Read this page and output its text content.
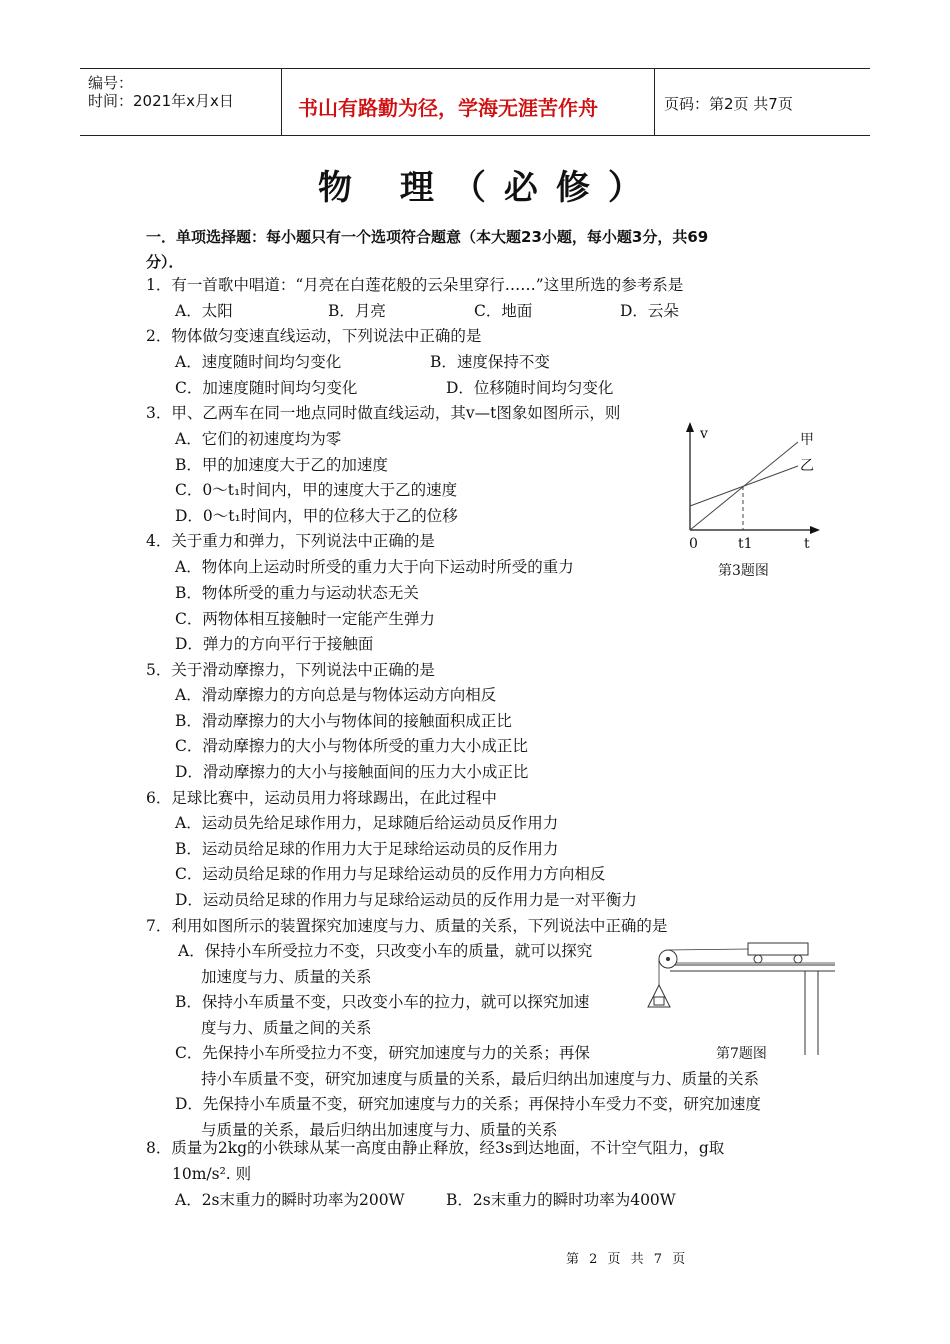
编号：
时间：2021年x月x日	书山有路勤为径，学海无涯苦作舟	页码：第2页 共7页
物 理（必修）
一．单项选择题：每小题只有一个选项符合题意（本大题23小题，每小题3分，共69
分）．
1．有一首歌中唱道：“月亮在白莲花般的云朵里穿行……”这里所选的参考系是
A．太阳	B．月亮	C．地面	D．云朵
2．物体做匀变速直线运动，下列说法中正确的是
A．速度随时间均匀变化	B．速度保持不变
C．加速度随时间均匀变化	D．位移随时间均匀变化
3．甲、乙两车在同一地点同时做直线运动，其v—t图象如图所示，则
A．它们的初速度均为零
B．甲的加速度大于乙的加速度
C．0～t₁时间内，甲的速度大于乙的速度
D．0～t₁时间内，甲的位移大于乙的位移
v	甲
乙
0	t1	t
第3题图
4．关于重力和弹力，下列说法中正确的是
A．物体向上运动时所受的重力大于向下运动时所受的重力
B．物体所受的重力与运动状态无关
C．两物体相互接触时一定能产生弹力
D．弹力的方向平行于接触面
5．关于滑动摩擦力，下列说法中正确的是
A．滑动摩擦力的方向总是与物体运动方向相反
B．滑动摩擦力的大小与物体间的接触面积成正比
C．滑动摩擦力的大小与物体所受的重力大小成正比
D．滑动摩擦力的大小与接触面间的压力大小成正比
6．足球比赛中，运动员用力将球踢出，在此过程中
A．运动员先给足球作用力，足球随后给运动员反作用力
B．运动员给足球的作用力大于足球给运动员的反作用力
C．运动员给足球的作用力与足球给运动员的反作用力方向相反
D．运动员给足球的作用力与足球给运动员的反作用力是一对平衡力
7．利用如图所示的装置探究加速度与力、质量的关系，下列说法中正确的是
A．保持小车所受拉力不变，只改变小车的质量，就可以探究
加速度与力、质量的关系
B．保持小车质量不变，只改变小车的拉力，就可以探究加速
度与力、质量之间的关系
C．先保持小车所受拉力不变，研究加速度与力的关系；再保
持小车质量不变，研究加速度与质量的关系，最后归纳出加速度与力、质量的关系
D．先保持小车质量不变，研究加速度与力的关系；再保持小车受力不变，研究加速度
与质量的关系，最后归纳出加速度与力、质量的关系
第7题图
8．质量为2kg的小铁球从某一高度由静止释放，经3s到达地面，不计空气阻力，g取
10m/s². 则
A．2s末重力的瞬时功率为200W	B．2s末重力的瞬时功率为400W
第 2 页 共 7 页
